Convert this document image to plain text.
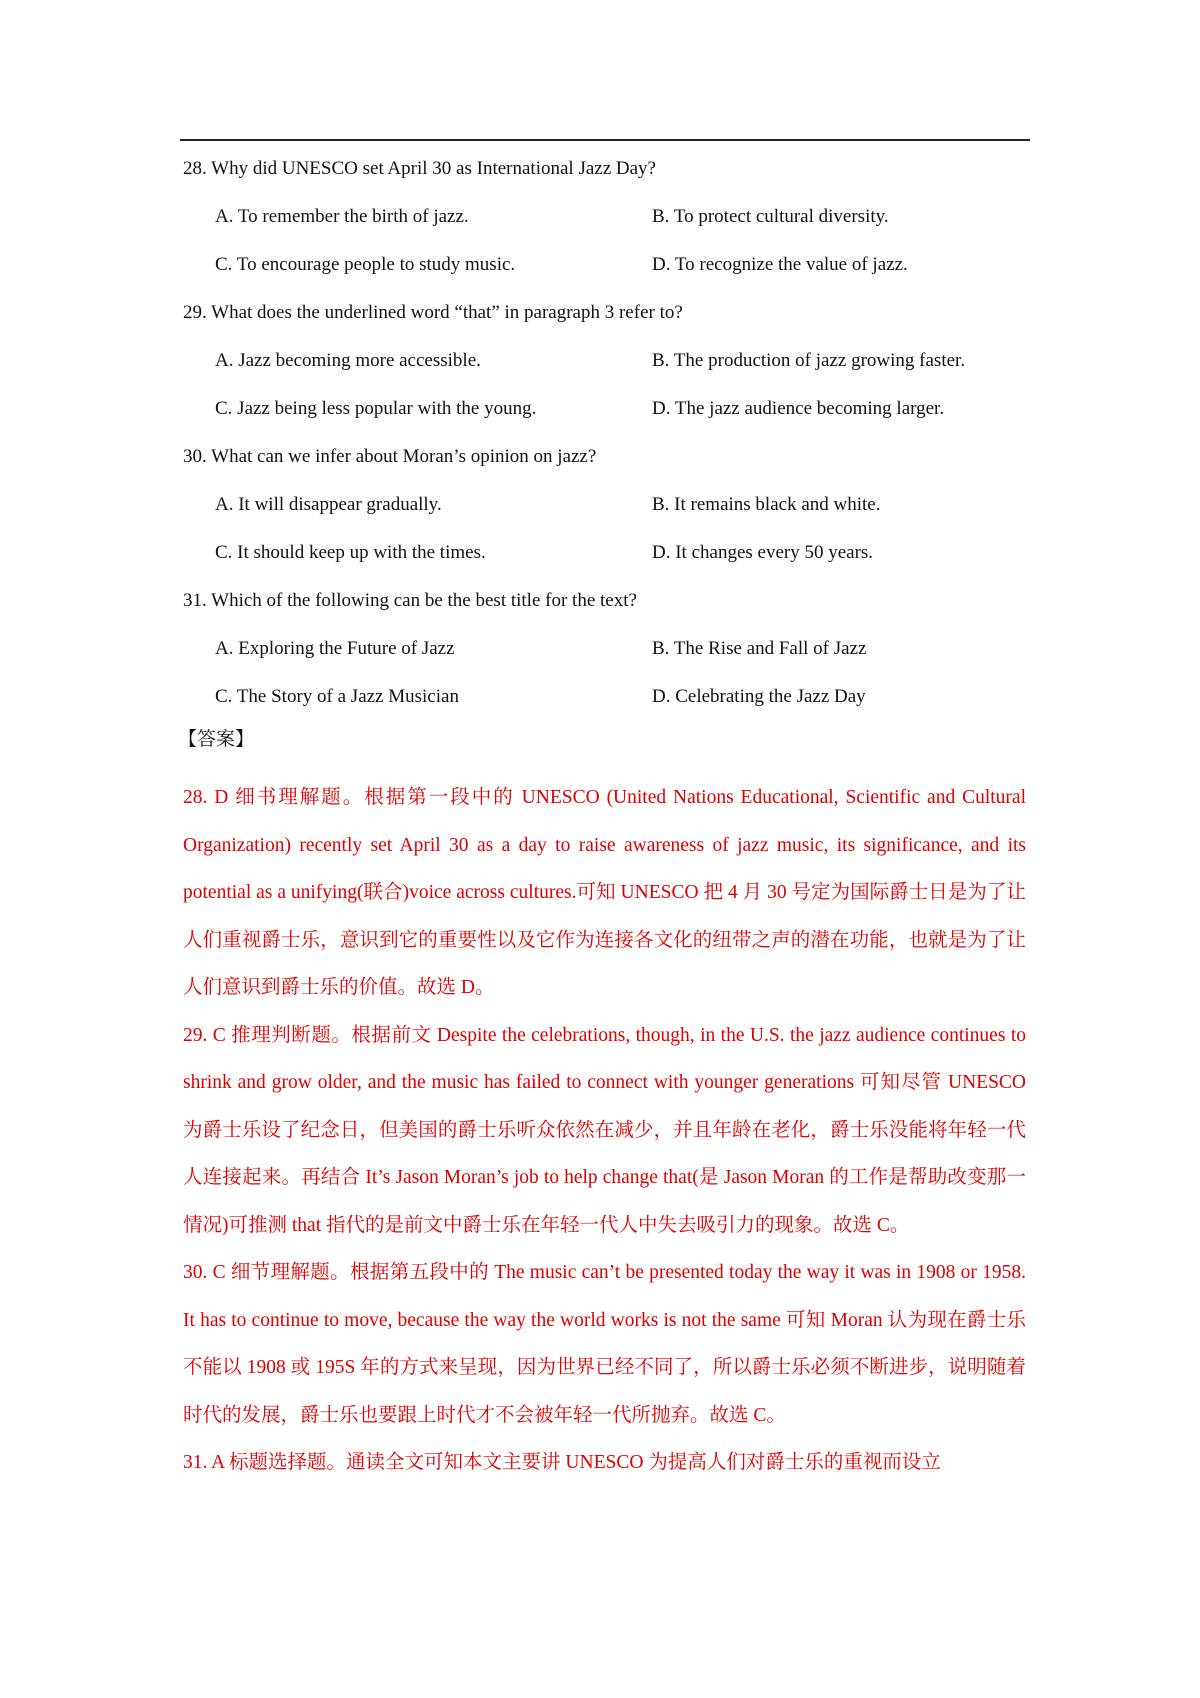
28. Why did UNESCO set April 30 as International Jazz Day?
A. To remember the birth of jazz.	B. To protect cultural diversity.
C. To encourage people to study music.	D. To recognize the value of jazz.
29. What does the underlined word “that” in paragraph 3 refer to?
A. Jazz becoming more accessible.	B. The production of jazz growing faster.
C. Jazz being less popular with the young.	D. The jazz audience becoming larger.
30. What can we infer about Moran’s opinion on jazz?
A. It will disappear gradually.	B. It remains black and white.
C. It should keep up with the times.	D. It changes every 50 years.
31. Which of the following can be the best title for the text?
A. Exploring the Future of Jazz	B. The Rise and Fall of Jazz
C. The Story of a Jazz Musician	D. Celebrating the Jazz Day
【答案】

28. D 细书理解题。根据第一段中的 UNESCO (United Nations Educational, Scientific and Cultural Organization) recently set April 30 as a day to raise awareness of jazz music, its significance, and its potential as a unifying(联合)voice across cultures.可知 UNESCO 把 4 月 30 号定为国际爵士日是为了让人们重视爵士乐，意识到它的重要性以及它作为连接各文化的纽带之声的潜在功能，也就是为了让人们意识到爵士乐的价值。故选 D。

29. C 推理判断题。根据前文 Despite the celebrations, though, in the U.S. the jazz audience continues to shrink and grow older, and the music has failed to connect with younger generations 可知尽管 UNESCO 为爵士乐设了纪念日，但美国的爵士乐听众依然在减少，并且年龄在老化，爵士乐没能将年轻一代人连接起来。再结合 It’s Jason Moran’s job to help change that(是 Jason Moran 的工作是帮助改变那一情况)可推测 that 指代的是前文中爵士乐在年轻一代人中失去吸引力的现象。故选 C。

30. C 细节理解题。根据第五段中的 The music can’t be presented today the way it was in 1908 or 1958. It has to continue to move, because the way the world works is not the same 可知 Moran 认为现在爵士乐不能以 1908 或 195S 年的方式来呈现，因为世界已经不同了，所以爵士乐必须不断进步，说明随着时代的发展，爵士乐也要跟上时代才不会被年轻一代所抛弃。故选 C。

31. A 标题选择题。通读全文可知本文主要讲 UNESCO 为提高人们对爵士乐的重视而设立
